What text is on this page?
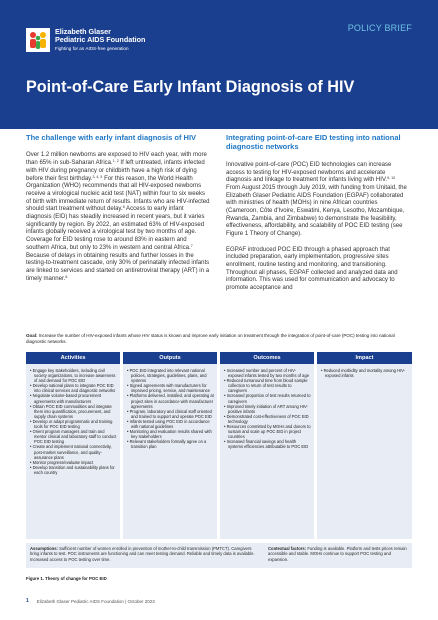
Elizabeth Glaser
Pediatric AIDS Foundation
Fighting for an AIDS-free generation
POLICY BRIEF
Point-of-Care Early Infant Diagnosis of HIV
The challenge with early infant diagnosis of HIV

Over 1.2 million newborns are exposed to HIV each year, with more than 65% in sub-Saharan Africa.$^{1, 2}$ If left untreated, infants infected with HIV during pregnancy or childbirth have a high risk of dying before their first birthday.$^{3, 4, 5}$ For this reason, the World Health Organization (WHO) recommends that all HIV-exposed newborns receive a virological nucleic acid test (NAT) within four to six weeks of birth with immediate return of results. Infants who are HIV-infected should start treatment without delay.$^6$ Access to early infant diagnosis (EID) has steadily increased in recent years, but it varies significantly by region. By 2022, an estimated 63% of HIV-exposed infants globally received a virological test by two months of age. Coverage for EID testing rose to around 83% in eastern and southern Africa, but only to 23% in western and central Africa.$^7$ Because of delays in obtaining results and further losses in the testing-to-treatment cascade, only 30% of perinatally infected infants are linked to services and started on antiretroviral therapy (ART) in a timely manner.$^8$

Integrating point-of-care EID testing into national diagnostic networks

Innovative point-of-care (POC) EID technologies can increase access to testing for HIV-exposed newborns and accelerate diagnosis and linkage to treatment for infants living with HIV.$^{9, 10}$ From August 2015 through July 2019, with funding from Unitaid, the Elizabeth Glaser Pediatric AIDS Foundation (EGPAF) collaborated with ministries of health (MOHs) in nine African countries (Cameroon, Côte d'Ivoire, Eswatini, Kenya, Lesotho, Mozambique, Rwanda, Zambia, and Zimbabwe) to demonstrate the feasibility, effectiveness, affordability, and scalability of POC EID testing (see Figure 1 Theory of Change).

EGPAF introduced POC EID through a phased approach that included preparation, early implementation, progressive sites enrollment, routine testing and monitoring, and transitioning. Throughout all phases, EGPAF collected and analyzed data and information. This was used for communication and advocacy to promote acceptance and

Goal: Increase the number of HIV-exposed infants whose HIV status is known and improve early initiation on treatment through the integration of point-of-care (POC) testing into national diagnostic networks.
Activities
• Engage key stakeholders, including civil society organizations, to increase awareness of and demand for POC EID
• Develop national plans to integrate POC EID into clinical services and diagnostic networks
• Negotiate volume-based procurement agreements with manufacturers
• Obtain POC EID commodities and integrate them into quantification, procurement, and supply chain systems
• Develop or adapt programmatic and training tools for POC EID testing
• Orient program managers and train and mentor clinical and laboratory staff to conduct POC EID testing
• Create and implement national connectivity, post-market surveillance, and quality-assurance plans
• Monitor progress/evaluate impact
• Develop transition and sustainability plans for each country
Outputs
• POC EID integrated into relevant national policies, strategies, guidelines, plans, and systems
• Signed agreements with manufacturers for improved pricing, service, and maintenance
• Platforms delivered, installed, and operating at project sites in accordance with manufacturer agreements
• Program, laboratory and clinical staff oriented and trained to support and operate POC EID
• Infants tested using POC EID in accordance with national guidelines
• Monitoring and evaluation results shared with key stakeholders
• Relevant stakeholders formally agree on a transition plan
Outcomes
• Increased number and percent of HIV-exposed infants tested by two months of age
• Reduced turnaround time from blood sample collection to return of test results to caregivers
• Increased proportion of test results returned to caregivers
• Improved timely initiation of ART among HIV-positive infants
• Demonstrated cost-effectiveness of POC EID technology
• Resources committed by MOHs and donors to sustain and scale up POC EID in project countries
• Increased financial savings and health systems efficiencies attributable to POC EID
Impact
• Reduced morbidity and mortality among HIV-exposed infants
Assumptions: Sufficient number of women enrolled in prevention of mother-to-child transmission (PMTCT). Caregivers bring infants to test. POC instruments are functioning and can meet testing demand. Reliable and timely data is available. Increased access to POC testing over time.
Contextual factors: Funding is available. Platform and tests prices remain accessible and stable. MOHs continue to support POC testing and expansion.
Figure 1. Theory of change for POC EID
1 Elizabeth Glaser Pediatric AIDS Foundation | October 2023
